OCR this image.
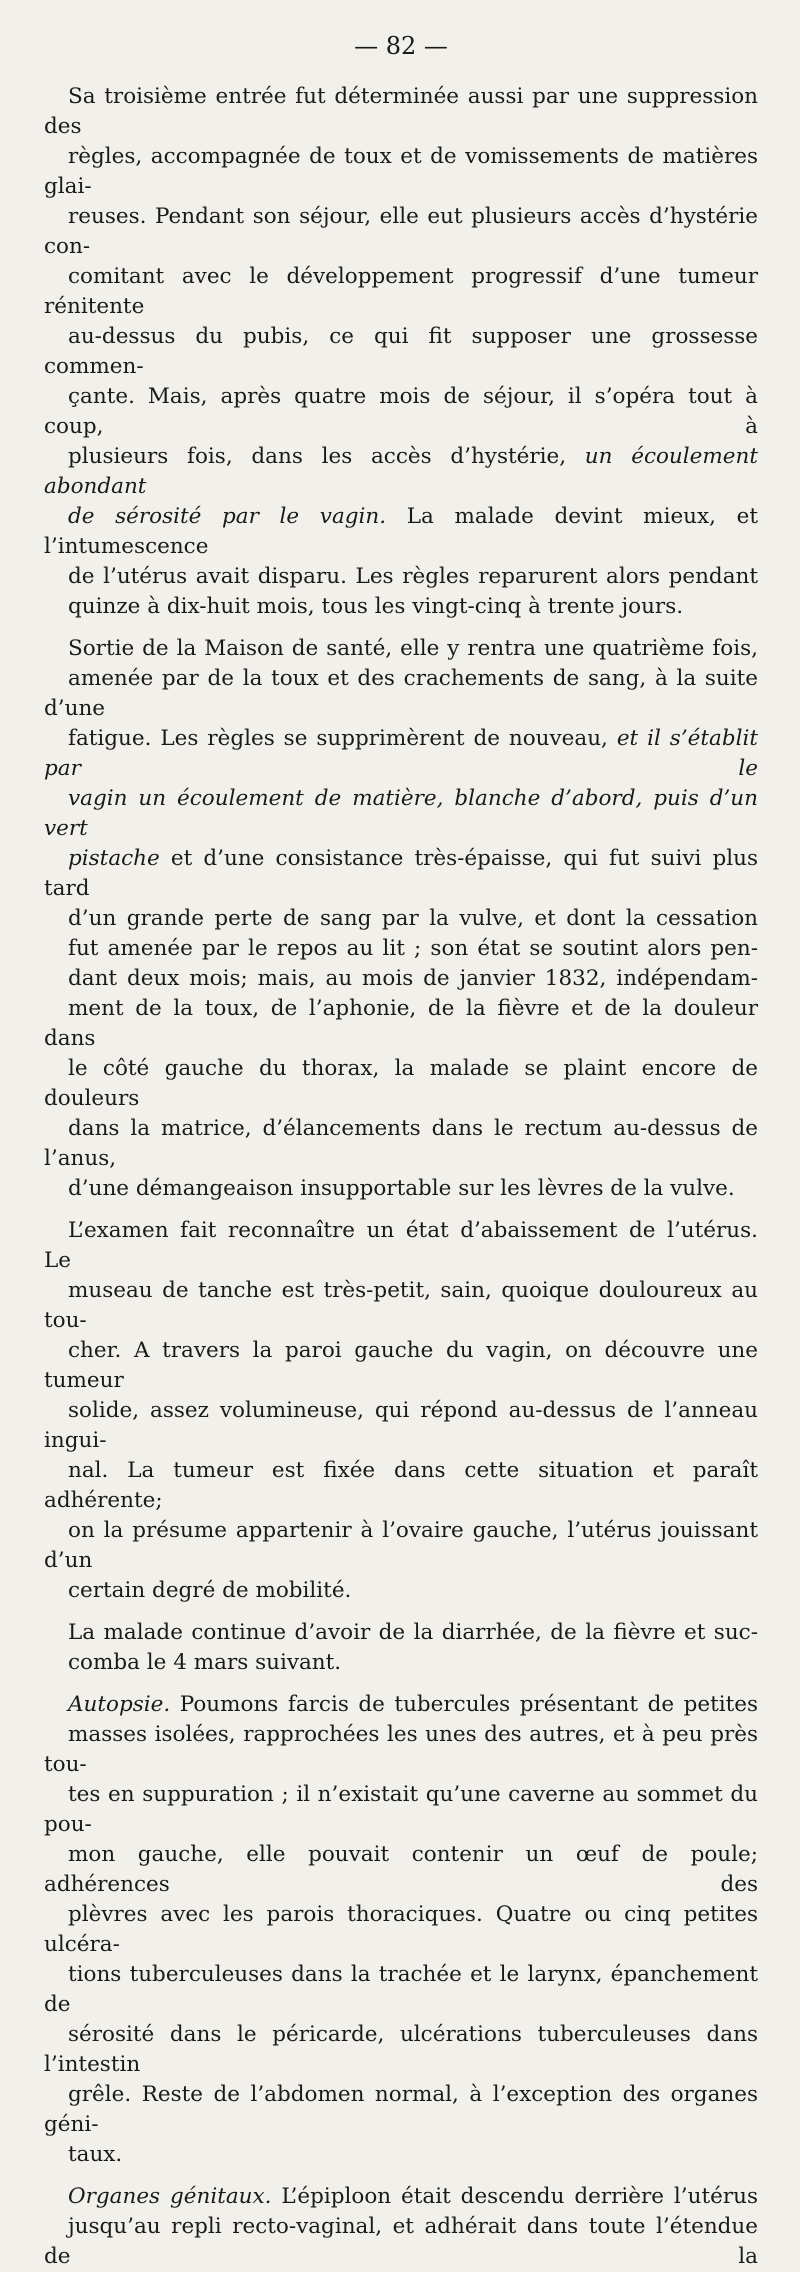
— 82 —

Sa troisième entrée fut déterminée aussi par une suppression des
règles, accompagnée de toux et de vomissements de matières glai-
reuses. Pendant son séjour, elle eut plusieurs accès d’hystérie con-
comitant avec le développement progressif d’une tumeur rénitente
au-dessus du pubis, ce qui fit supposer une grossesse commen-
çante. Mais, après quatre mois de séjour, il s’opéra tout à coup, à
plusieurs fois, dans les accès d’hystérie, un écoulement abondant
de sérosité par le vagin. La malade devint mieux, et l’intumescence
de l’utérus avait disparu. Les règles reparurent alors pendant
quinze à dix-huit mois, tous les vingt-cinq à trente jours.

Sortie de la Maison de santé, elle y rentra une quatrième fois,
amenée par de la toux et des crachements de sang, à la suite d’une
fatigue. Les règles se supprimèrent de nouveau, et il s’établit par le
vagin un écoulement de matière, blanche d’abord, puis d’un vert
pistache et d’une consistance très-épaisse, qui fut suivi plus tard
d’un grande perte de sang par la vulve, et dont la cessation
fut amenée par le repos au lit ; son état se soutint alors pen-
dant deux mois; mais, au mois de janvier 1832, indépendam-
ment de la toux, de l’aphonie, de la fièvre et de la douleur dans
le côté gauche du thorax, la malade se plaint encore de douleurs
dans la matrice, d’élancements dans le rectum au-dessus de l’anus,
d’une démangeaison insupportable sur les lèvres de la vulve.

L’examen fait reconnaître un état d’abaissement de l’utérus. Le
museau de tanche est très-petit, sain, quoique douloureux au tou-
cher. A travers la paroi gauche du vagin, on découvre une tumeur
solide, assez volumineuse, qui répond au-dessus de l’anneau ingui-
nal. La tumeur est fixée dans cette situation et paraît adhérente;
on la présume appartenir à l’ovaire gauche, l’utérus jouissant d’un
certain degré de mobilité.

La malade continue d’avoir de la diarrhée, de la fièvre et suc-
comba le 4 mars suivant.

Autopsie. Poumons farcis de tubercules présentant de petites
masses isolées, rapprochées les unes des autres, et à peu près tou-
tes en suppuration ; il n’existait qu’une caverne au sommet du pou-
mon gauche, elle pouvait contenir un œuf de poule; adhérences des
plèvres avec les parois thoraciques. Quatre ou cinq petites ulcéra-
tions tuberculeuses dans la trachée et le larynx, épanchement de
sérosité dans le péricarde, ulcérations tuberculeuses dans l’intestin
grêle. Reste de l’abdomen normal, à l’exception des organes géni-
taux.

Organes génitaux. L’épiploon était descendu derrière l’utérus
jusqu’au repli recto-vaginal, et adhérait dans toute l’étendue de la
